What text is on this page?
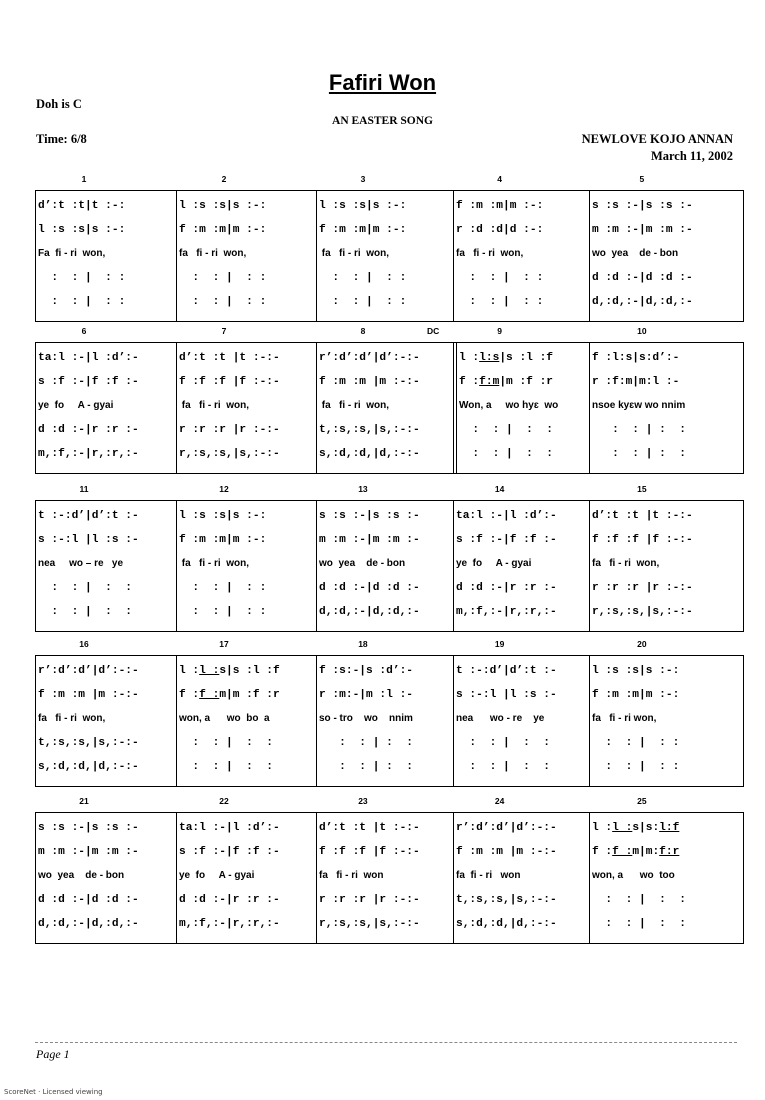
Fafiri Won
Doh is C
AN EASTER SONG
Time: 6/8	NEWLOVE KOJO ANNAN
March 11, 2002
1	2	3	4	5
d’:t :t|t :-:
l :s :s|s :-:
Fa  fi - ri  won,
:  : |  : :
:  : |  : :
l :s :s|s :-:
f :m :m|m :-:
fa   fi - ri  won,
:  : |  : :
:  : |  : :
l :s :s|s :-:
f :m :m|m :-:
fa   fi - ri  won,
:  : |  : :
:  : |  : :
f :m :m|m :-:
r :d :d|d :-:
fa   fi - ri  won,
:  : |  : :
:  : |  : :
s :s :-|s :s :-
m :m :-|m :m :-
wo  yea    de - bon
d :d :-|d :d :-
d,:d,:-|d,:d,:-
6	7	8	9	10
DC
ta:l :-|l :d’:-
s :f :-|f :f :-
ye  fo     A - gyai
d :d :-|r :r :-
m,:f,:-|r,:r,:-
d’:t :t |t :-:-
f :f :f |f :-:-
fa   fi - ri  won,
r :r :r |r :-:-
r,:s,:s,|s,:-:-
r’:d’:d’|d’:-:-
f :m :m |m :-:-
fa   fi - ri  won,
t,:s,:s,|s,:-:-
s,:d,:d,|d,:-:-
l :l:s|s :l :f
f :f:m|m :f :r
Won, a     wo hyɛ  wo
:  : |  :  :
:  : |  :  :
f :l:s|s:d’:-
r :f:m|m:l :-
nsoe kyɛw wo nnim
:  : | :  :
:  : | :  :
11	12	13	14	15
t :-:d’|d’:t :-
s :-:l |l :s :-
nea     wo – re   ye
:  : |  :  :
:  : |  :  :
l :s :s|s :-:
f :m :m|m :-:
fa   fi - ri  won,
:  : |  : :
:  : |  : :
s :s :-|s :s :-
m :m :-|m :m :-
wo  yea    de - bon
d :d :-|d :d :-
d,:d,:-|d,:d,:-
ta:l :-|l :d’:-
s :f :-|f :f :-
ye  fo     A - gyai
d :d :-|r :r :-
m,:f,:-|r,:r,:-
d’:t :t |t :-:-
f :f :f |f :-:-
fa   fi - ri  won,
r :r :r |r :-:-
r,:s,:s,|s,:-:-
16	17	18	19	20
r’:d’:d’|d’:-:-
f :m :m |m :-:-
fa   fi - ri  won,
t,:s,:s,|s,:-:-
s,:d,:d,|d,:-:-
l :l :s|s :l :f
f :f :m|m :f :r
won, a      wo  bo  a
:  : |  :  :
:  : |  :  :
f :s:-|s :d’:-
r :m:-|m :l :-
so - tro    wo    nnim
:  : | :  :
:  : | :  :
t :-:d’|d’:t :-
s :-:l |l :s :-
nea      wo - re    ye
:  : |  :  :
:  : |  :  :
l :s :s|s :-:
f :m :m|m :-:
fa   fi - ri won,
:  : |  : :
:  : |  : :
21	22	23	24	25
s :s :-|s :s :-
m :m :-|m :m :-
wo  yea    de - bon
d :d :-|d :d :-
d,:d,:-|d,:d,:-
ta:l :-|l :d’:-
s :f :-|f :f :-
ye  fo     A - gyai
d :d :-|r :r :-
m,:f,:-|r,:r,:-
d’:t :t |t :-:-
f :f :f |f :-:-
fa   fi - ri  won
r :r :r |r :-:-
r,:s,:s,|s,:-:-
r’:d’:d’|d’:-:-
f :m :m |m :-:-
fa  fi - ri   won
t,:s,:s,|s,:-:-
s,:d,:d,|d,:-:-
l :l :s|s:l:f
f :f :m|m:f:r
won, a      wo  too
:  : |  :  :
:  : |  :  :
Page 1
ScoreNet · Licensed viewing
